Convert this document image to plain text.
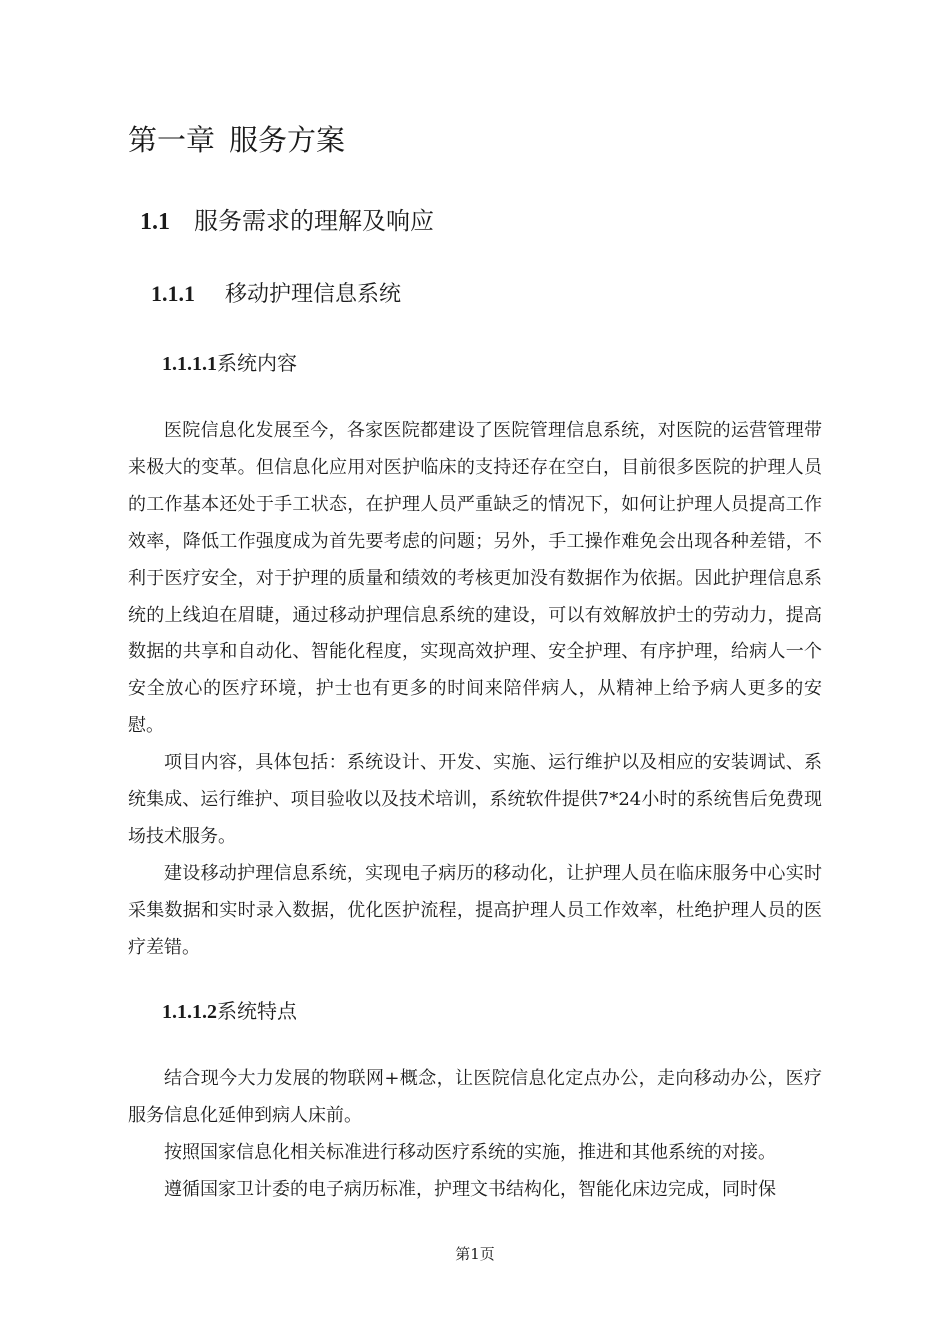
第一章 服务方案
1.1 服务需求的理解及响应
1.1.1 移动护理信息系统
1.1.1.1系统内容

医院信息化发展至今，各家医院都建设了医院管理信息系统，对医院的运营管理带来极大的变革。但信息化应用对医护临床的支持还存在空白，目前很多医院的护理人员的工作基本还处于手工状态，在护理人员严重缺乏的情况下，如何让护理人员提高工作效率，降低工作强度成为首先要考虑的问题；另外，手工操作难免会出现各种差错，不利于医疗安全，对于护理的质量和绩效的考核更加没有数据作为依据。因此护理信息系统的上线迫在眉睫，通过移动护理信息系统的建设，可以有效解放护士的劳动力，提高数据的共享和自动化、智能化程度，实现高效护理、安全护理、有序护理，给病人一个安全放心的医疗环境，护士也有更多的时间来陪伴病人，从精神上给予病人更多的安慰。

项目内容，具体包括：系统设计、开发、实施、运行维护以及相应的安装调试、系统集成、运行维护、项目验收以及技术培训，系统软件提供7*24小时的系统售后免费现场技术服务。

建设移动护理信息系统，实现电子病历的移动化，让护理人员在临床服务中心实时采集数据和实时录入数据，优化医护流程，提高护理人员工作效率，杜绝护理人员的医疗差错。

1.1.1.2系统特点

结合现今大力发展的物联网+概念，让医院信息化定点办公，走向移动办公，医疗服务信息化延伸到病人床前。

按照国家信息化相关标准进行移动医疗系统的实施，推进和其他系统的对接。

遵循国家卫计委的电子病历标准，护理文书结构化，智能化床边完成，同时保

第1页
